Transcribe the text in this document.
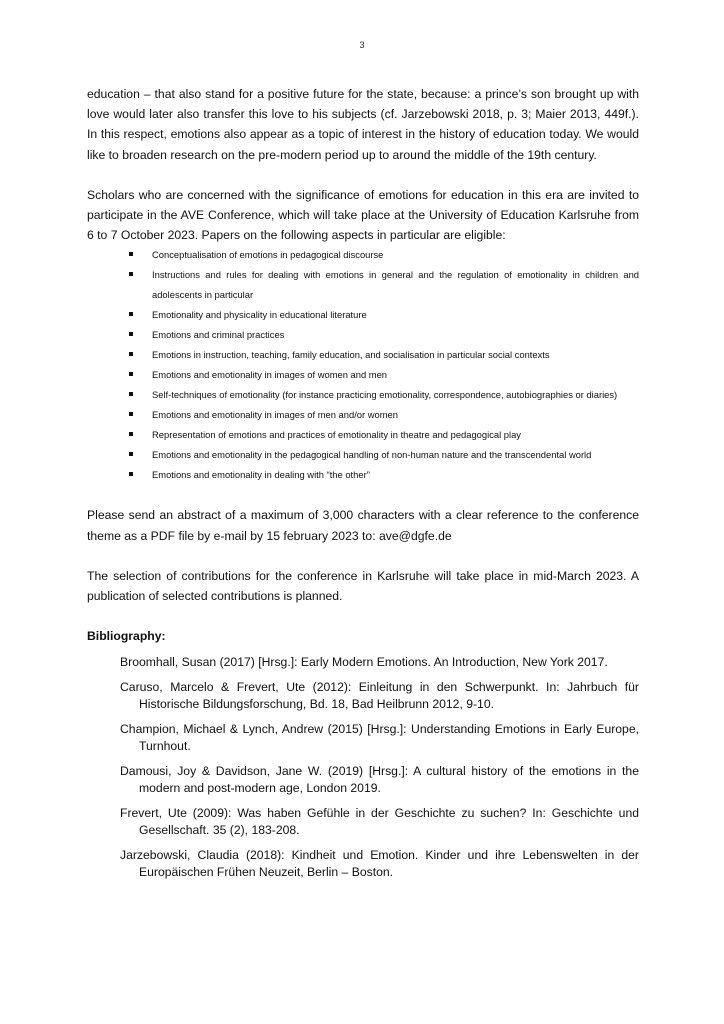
3

education – that also stand for a positive future for the state, because: a prince’s son brought up with love would later also transfer this love to his subjects (cf. Jarzebowski 2018, p. 3; Maier 2013, 449f.). In this respect, emotions also appear as a topic of interest in the history of education today. We would like to broaden research on the pre-modern period up to around the middle of the 19th century.

Scholars who are concerned with the significance of emotions for education in this era are invited to participate in the AVE Conference, which will take place at the University of Education Karlsruhe from 6 to 7 October 2023. Papers on the following aspects in particular are eligible:

Conceptualisation of emotions in pedagogical discourse
Instructions and rules for dealing with emotions in general and the regulation of emotionality in children and adolescents in particular
Emotionality and physicality in educational literature
Emotions and criminal practices
Emotions in instruction, teaching, family education, and socialisation in particular social contexts
Emotions and emotionality in images of women and men
Self-techniques of emotionality (for instance practicing emotionality, correspondence, autobiographies or diaries)
Emotions and emotionality in images of men and/or women
Representation of emotions and practices of emotionality in theatre and pedagogical play
Emotions and emotionality in the pedagogical handling of non-human nature and the transcendental world
Emotions and emotionality in dealing with “the other”

Please send an abstract of a maximum of 3,000 characters with a clear reference to the conference theme as a PDF file by e-mail by 15 february 2023 to: ave@dgfe.de

The selection of contributions for the conference in Karlsruhe will take place in mid-March 2023. A publication of selected contributions is planned.

Bibliography:

Broomhall, Susan (2017) [Hrsg.]: Early Modern Emotions. An Introduction, New York 2017.
Caruso, Marcelo & Frevert, Ute (2012): Einleitung in den Schwerpunkt. In: Jahrbuch für Historische Bildungsforschung, Bd. 18, Bad Heilbrunn 2012, 9-10.
Champion, Michael & Lynch, Andrew (2015) [Hrsg.]: Understanding Emotions in Early Europe, Turnhout.
Damousi, Joy & Davidson, Jane W. (2019) [Hrsg.]: A cultural history of the emotions in the modern and post-modern age, London 2019.
Frevert, Ute (2009): Was haben Gefühle in der Geschichte zu suchen? In: Geschichte und Gesellschaft. 35 (2), 183-208.
Jarzebowski, Claudia (2018): Kindheit und Emotion. Kinder und ihre Lebenswelten in der Europäischen Frühen Neuzeit, Berlin – Boston.
